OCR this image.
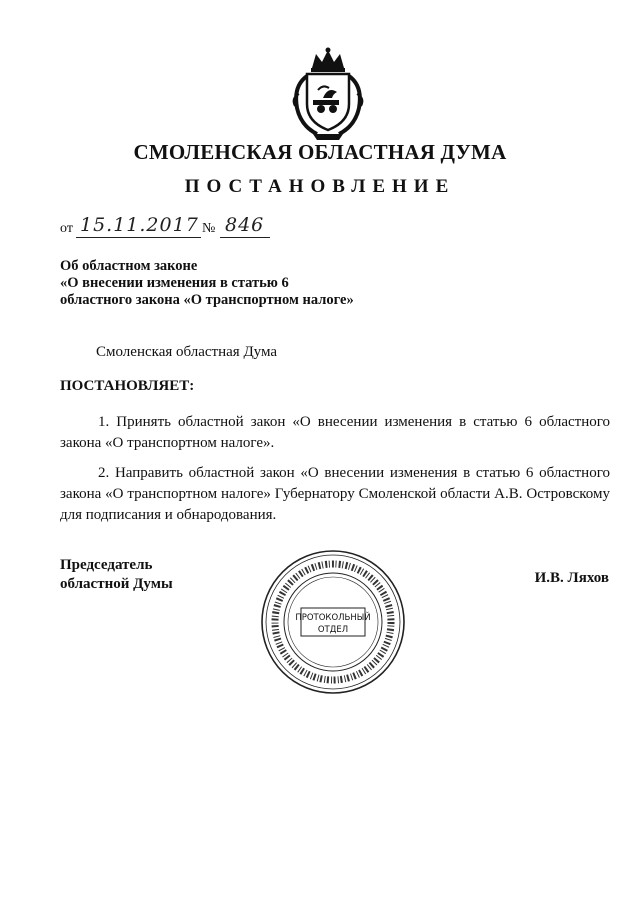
СМОЛЕНСКАЯ ОБЛАСТНАЯ ДУМА
ПОСТАНОВЛЕНИЕ
от 15.11.2017 № 846
Об областном законе
«О внесении изменения в статью 6
областного закона «О транспортном налоге»
Смоленская областная Дума
ПОСТАНОВЛЯЕТ:
1. Принять областной закон «О внесении изменения в статью 6 областного закона «О транспортном налоге».
2. Направить областной закон «О внесении изменения в статью 6 областного закона «О транспортном налоге» Губернатору Смоленской области А.В. Островскому для подписания и обнародования.
Председатель
областной Думы	И.В. Ляхов
ПРОТОКОЛЬНЫЙ
ОТДЕЛ
